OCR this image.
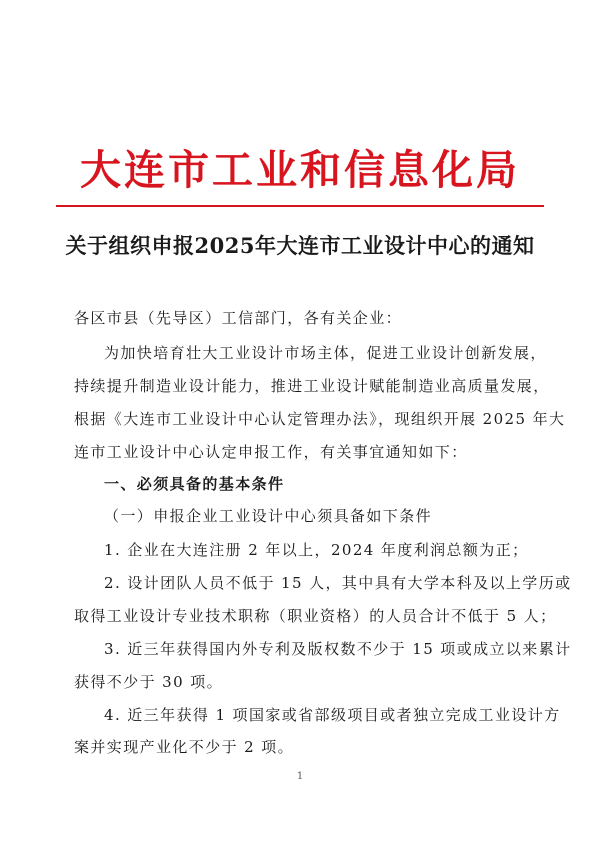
大连市工业和信息化局
关于组织申报2025年大连市工业设计中心的通知
各区市县（先导区）工信部门，各有关企业：
为加快培育壮大工业设计市场主体，促进工业设计创新发展，
持续提升制造业设计能力，推进工业设计赋能制造业高质量发展，
根据《大连市工业设计中心认定管理办法》，现组织开展 2025 年大
连市工业设计中心认定申报工作，有关事宜通知如下：
一、必须具备的基本条件
（一）申报企业工业设计中心须具备如下条件
1. 企业在大连注册 2 年以上，2024 年度利润总额为正；
2. 设计团队人员不低于 15 人，其中具有大学本科及以上学历或
取得工业设计专业技术职称（职业资格）的人员合计不低于 5 人；
3. 近三年获得国内外专利及版权数不少于 15 项或成立以来累计
获得不少于 30 项。
4. 近三年获得 1 项国家或省部级项目或者独立完成工业设计方
案并实现产业化不少于 2 项。
1
